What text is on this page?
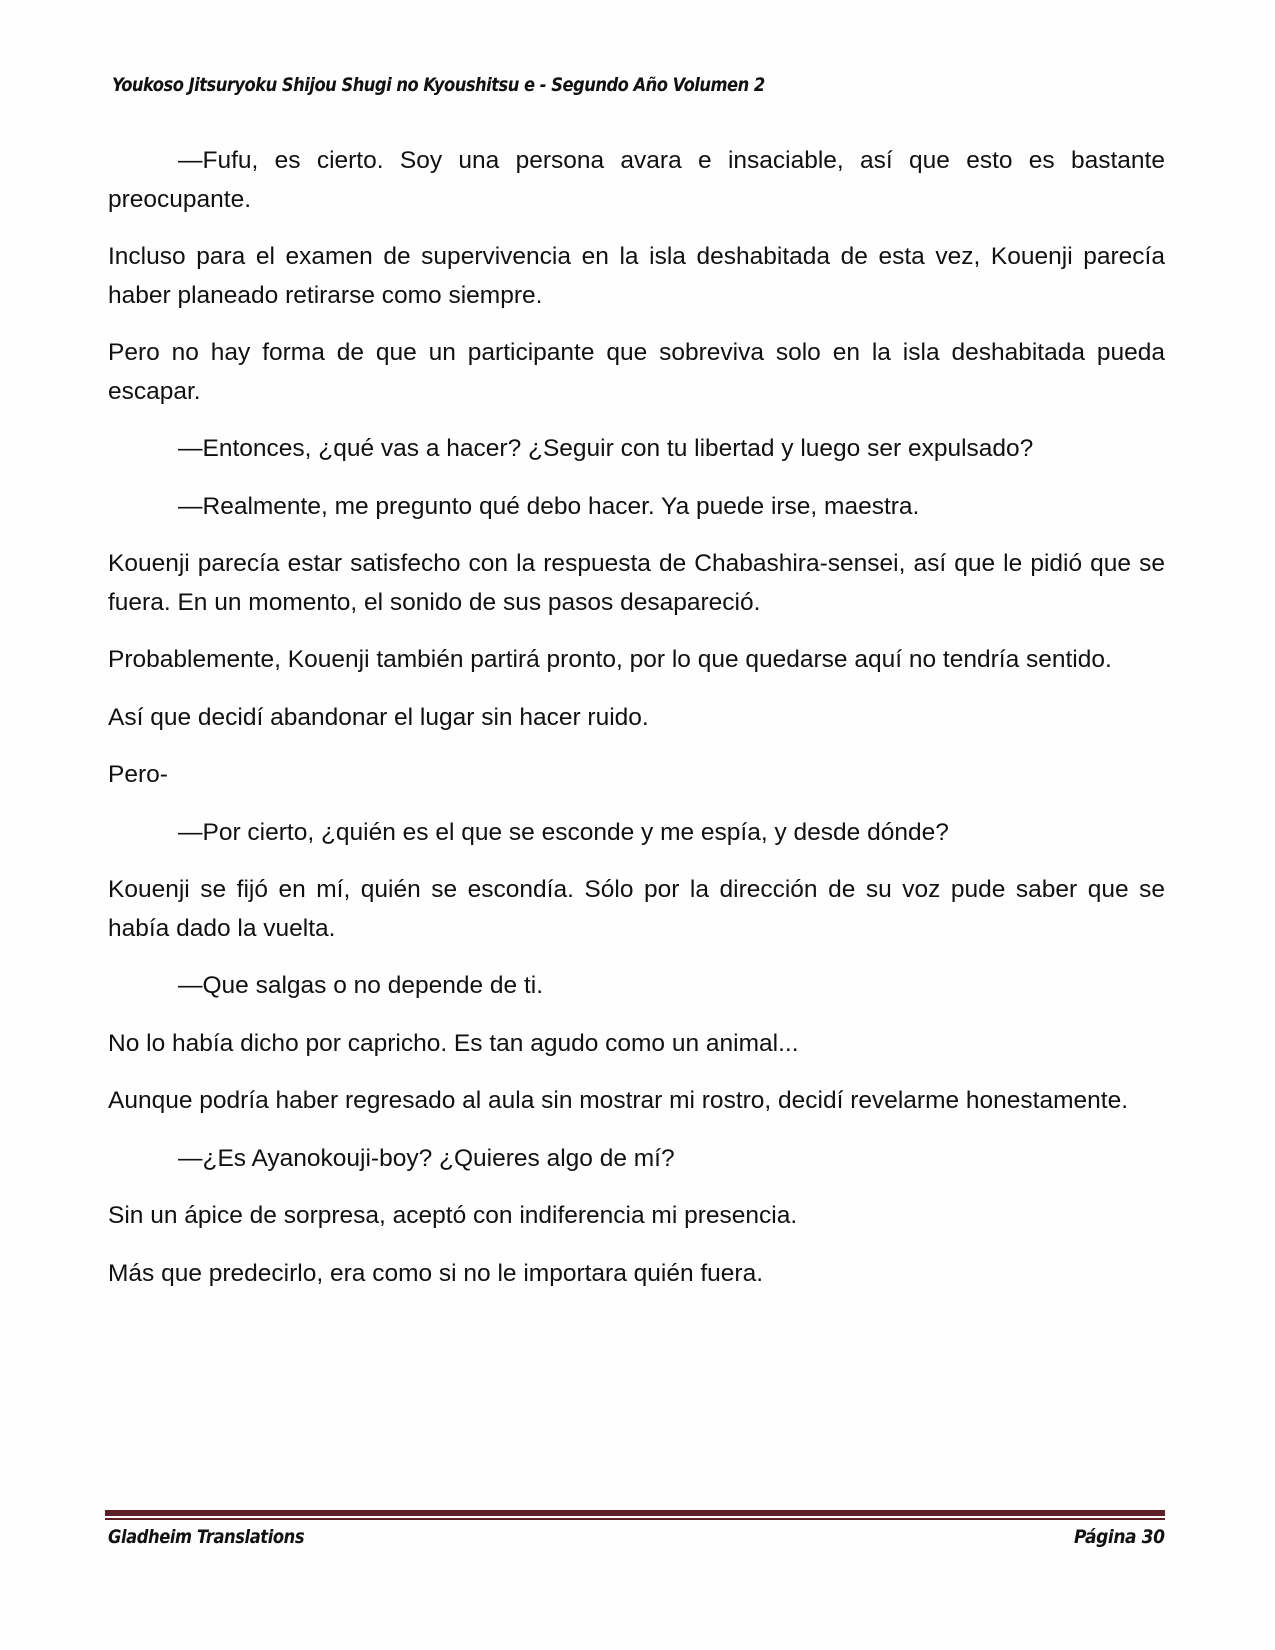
Youkoso Jitsuryoku Shijou Shugi no Kyoushitsu e - Segundo Año Volumen 2

—Fufu, es cierto. Soy una persona avara e insaciable, así que esto es bastante preocupante.

Incluso para el examen de supervivencia en la isla deshabitada de esta vez, Kouenji parecía haber planeado retirarse como siempre.

Pero no hay forma de que un participante que sobreviva solo en la isla deshabitada pueda escapar.

—Entonces, ¿qué vas a hacer? ¿Seguir con tu libertad y luego ser expulsado?

—Realmente, me pregunto qué debo hacer. Ya puede irse, maestra.

Kouenji parecía estar satisfecho con la respuesta de Chabashira-sensei, así que le pidió que se fuera. En un momento, el sonido de sus pasos desapareció.

Probablemente, Kouenji también partirá pronto, por lo que quedarse aquí no tendría sentido.

Así que decidí abandonar el lugar sin hacer ruido.

Pero-

—Por cierto, ¿quién es el que se esconde y me espía, y desde dónde?

Kouenji se fijó en mí, quién se escondía. Sólo por la dirección de su voz pude saber que se había dado la vuelta.

—Que salgas o no depende de ti.

No lo había dicho por capricho. Es tan agudo como un animal...

Aunque podría haber regresado al aula sin mostrar mi rostro, decidí revelarme honestamente.

—¿Es Ayanokouji-boy? ¿Quieres algo de mí?

Sin un ápice de sorpresa, aceptó con indiferencia mi presencia.

Más que predecirlo, era como si no le importara quién fuera.

Gladheim Translations	Página 30
